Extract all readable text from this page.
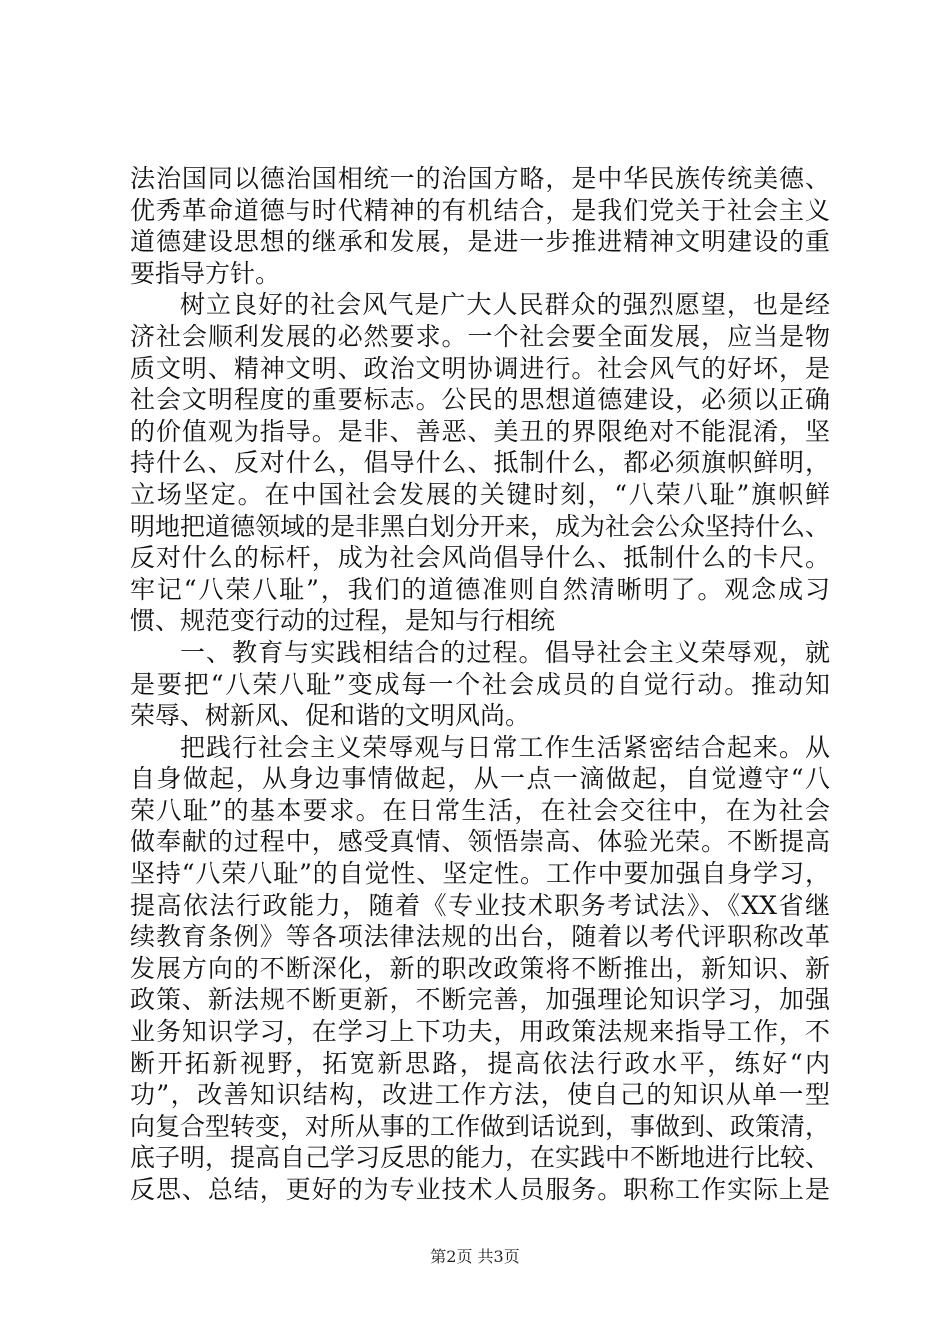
法治国同以德治国相统一的治国方略，是中华民族传统美德、
优秀革命道德与时代精神的有机结合，是我们党关于社会主义
道德建设思想的继承和发展，是进一步推进精神文明建设的重
要指导方针。
树立良好的社会风气是广大人民群众的强烈愿望，也是经
济社会顺利发展的必然要求。一个社会要全面发展，应当是物
质文明、精神文明、政治文明协调进行。社会风气的好坏，是
社会文明程度的重要标志。公民的思想道德建设，必须以正确
的价值观为指导。是非、善恶、美丑的界限绝对不能混淆，坚
持什么、反对什么，倡导什么、抵制什么，都必须旗帜鲜明，
立场坚定。在中国社会发展的关键时刻，“八荣八耻”旗帜鲜
明地把道德领域的是非黑白划分开来，成为社会公众坚持什么、
反对什么的标杆，成为社会风尚倡导什么、抵制什么的卡尺。
牢记“八荣八耻”，我们的道德准则自然清晰明了。观念成习
惯、规范变行动的过程，是知与行相统
一、教育与实践相结合的过程。倡导社会主义荣辱观，就
是要把“八荣八耻”变成每一个社会成员的自觉行动。推动知
荣辱、树新风、促和谐的文明风尚。
把践行社会主义荣辱观与日常工作生活紧密结合起来。从
自身做起，从身边事情做起，从一点一滴做起，自觉遵守“八
荣八耻”的基本要求。在日常生活，在社会交往中，在为社会
做奉献的过程中，感受真情、领悟崇高、体验光荣。不断提高
坚持“八荣八耻”的自觉性、坚定性。工作中要加强自身学习，
提高依法行政能力，随着《专业技术职务考试法》、《XX省继
续教育条例》等各项法律法规的出台，随着以考代评职称改革
发展方向的不断深化，新的职改政策将不断推出，新知识、新
政策、新法规不断更新，不断完善，加强理论知识学习，加强
业务知识学习，在学习上下功夫，用政策法规来指导工作，不
断开拓新视野，拓宽新思路，提高依法行政水平，练好“内
功”，改善知识结构，改进工作方法，使自己的知识从单一型
向复合型转变，对所从事的工作做到话说到，事做到、政策清，
底子明，提高自己学习反思的能力，在实践中不断地进行比较、
反思、总结，更好的为专业技术人员服务。职称工作实际上是
第2页 共3页
